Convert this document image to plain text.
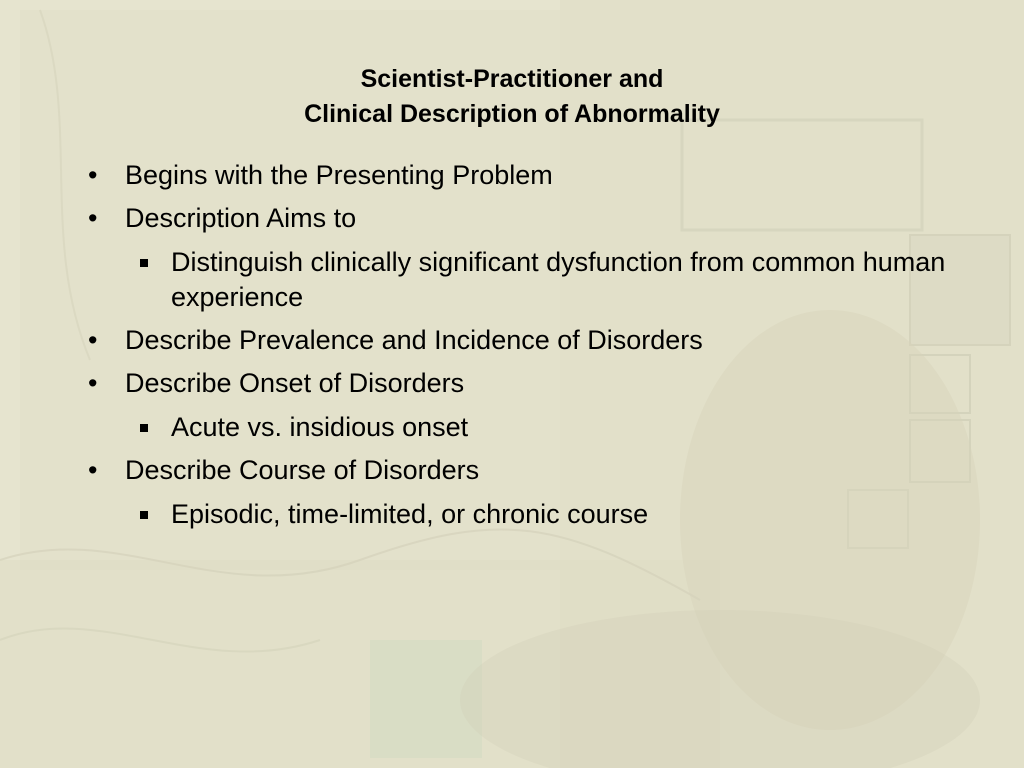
Scientist-Practitioner and
Clinical Description of Abnormality
•	Begins with the Presenting Problem
•	Description Aims to
Distinguish clinically significant dysfunction from common human experience
•	Describe Prevalence and Incidence of Disorders
•	Describe Onset of Disorders
Acute vs. insidious onset
•	Describe Course of Disorders
Episodic, time-limited, or chronic course
